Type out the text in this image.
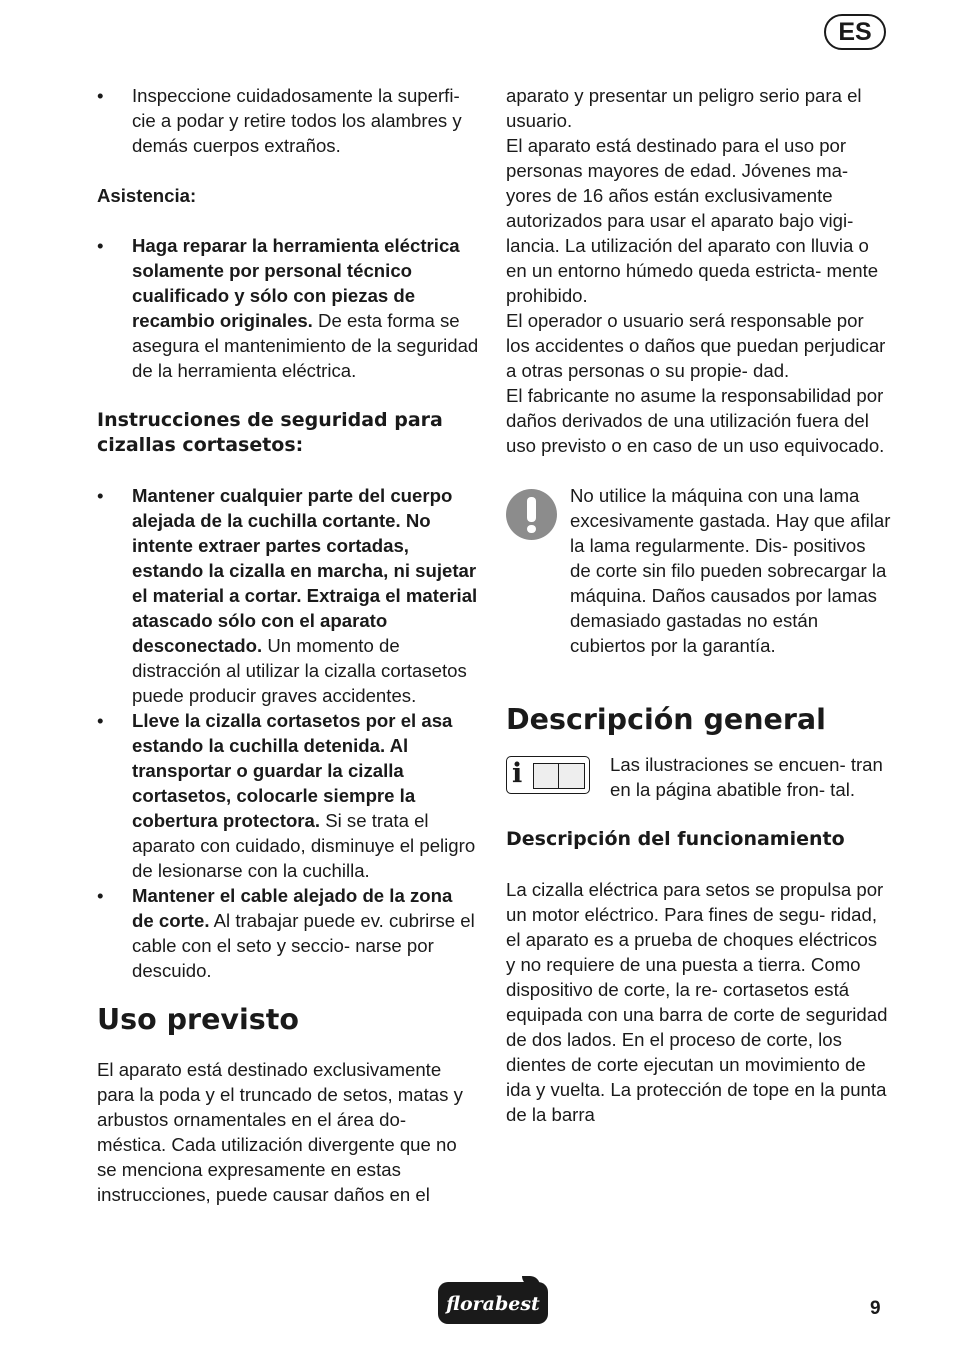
ES
• Inspeccione cuidadosamente la superfi- cie a podar y retire todos los alambres y demás cuerpos extraños.

Asistencia:

• Haga reparar la herramienta eléctrica solamente por personal técnico cualificado y sólo con piezas de recambio originales. De esta forma se asegura el mantenimiento de la seguridad de la herramienta eléctrica.

Instrucciones de seguridad para cizallas cortasetos:

• Mantener cualquier parte del cuerpo alejada de la cuchilla cortante. No intente extraer partes cortadas, estando la cizalla en marcha, ni sujetar el material a cortar. Extraiga el material atascado sólo con el aparato desconectado. Un momento de distracción al utilizar la cizalla cortasetos puede producir graves accidentes.

• Lleve la cizalla cortasetos por el asa estando la cuchilla detenida. Al transportar o guardar la cizalla cortasetos, colocarle siempre la cobertura protectora. Si se trata el aparato con cuidado, disminuye el peligro de lesionarse con la cuchilla.

• Mantener el cable alejado de la zona de corte. Al trabajar puede ev. cubrirse el cable con el seto y seccio- narse por descuido.

Uso previsto

El aparato está destinado exclusivamente para la poda y el truncado de setos, matas y arbustos ornamentales en el área do- méstica. Cada utilización divergente que no se menciona expresamente en estas instrucciones, puede causar daños en el

aparato y presentar un peligro serio para el usuario.

El aparato está destinado para el uso por personas mayores de edad. Jóvenes ma- yores de 16 años están exclusivamente autorizados para usar el aparato bajo vigi- lancia. La utilización del aparato con lluvia o en un entorno húmedo queda estricta- mente prohibido.

El operador o usuario será responsable por los accidentes o daños que puedan perjudicar a otras personas o su propie- dad.

El fabricante no asume la responsabilidad por daños derivados de una utilización fuera del uso previsto o en caso de un uso equivocado.

No utilice la máquina con una lama excesivamente gastada. Hay que afilar la lama regularmente. Dis- positivos de corte sin filo pueden sobrecargar la máquina. Daños causados por lamas demasiado gastadas no están cubiertos por la garantía.

Descripción general

i	Las ilustraciones se encuen- tran en la página abatible fron- tal.

Descripción del funcionamiento

La cizalla eléctrica para setos se propulsa por un motor eléctrico. Para fines de segu- ridad, el aparato es a prueba de choques eléctricos y no requiere de una puesta a tierra. Como dispositivo de corte, la re- cortasetos está equipada con una barra de corte de seguridad de dos lados. En el proceso de corte, los dientes de corte ejecutan un movimiento de ida y vuelta. La protección de tope en la punta de la barra

florabest	9
